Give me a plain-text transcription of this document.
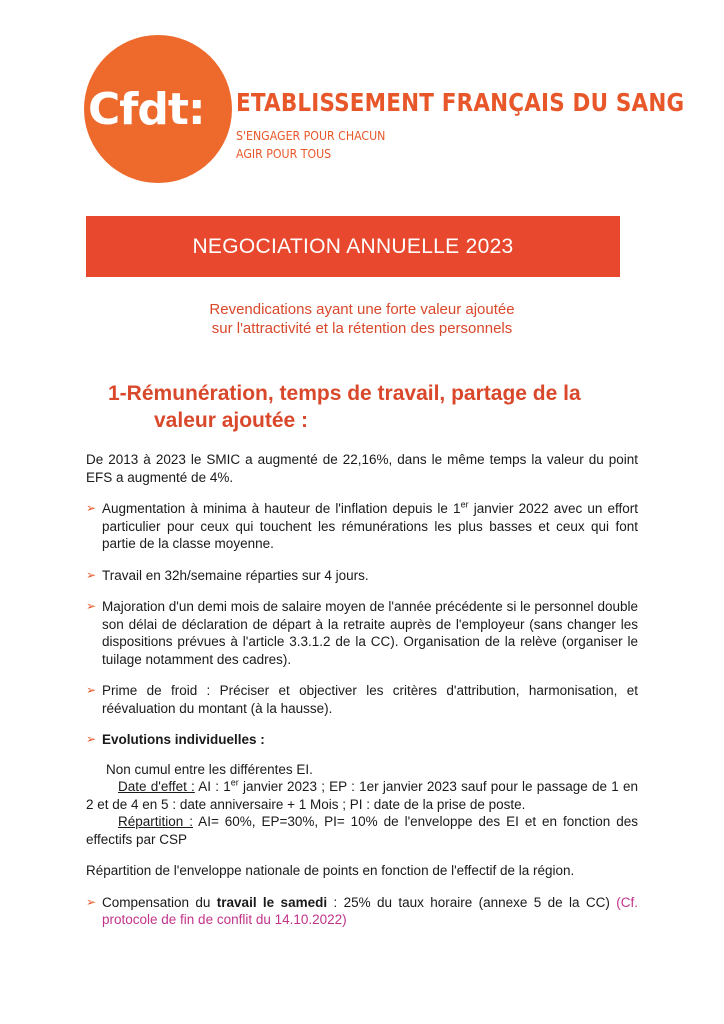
Cfdt: ETABLISSEMENT FRANÇAIS DU SANG
S'ENGAGER POUR CHACUN
AGIR POUR TOUS
NEGOCIATION ANNUELLE 2023
Revendications ayant une forte valeur ajoutée
sur l'attractivité et la rétention des personnels
1-Rémunération, temps de travail, partage de la
valeur ajoutée :

De 2013 à 2023 le SMIC a augmenté de 22,16%, dans le même temps la valeur du point EFS a augmenté de 4%.

➢ Augmentation à minima à hauteur de l'inflation depuis le 1er janvier 2022 avec un effort particulier pour ceux qui touchent les rémunérations les plus basses et ceux qui font partie de la classe moyenne.
➢ Travail en 32h/semaine réparties sur 4 jours.
➢ Majoration d'un demi mois de salaire moyen de l'année précédente si le personnel double son délai de déclaration de départ à la retraite auprès de l'employeur (sans changer les dispositions prévues à l'article 3.3.1.2 de la CC). Organisation de la relève (organiser le tuilage notamment des cadres).
➢ Prime de froid : Préciser et objectiver les critères d'attribution, harmonisation, et réévaluation du montant (à la hausse).
➢ Evolutions individuelles :
Non cumul entre les différentes EI.
Date d'effet : AI : 1er janvier 2023 ; EP : 1er janvier 2023 sauf pour le passage de 1 en 2 et de 4 en 5 : date anniversaire + 1 Mois ; PI : date de la prise de poste.
Répartition : AI= 60%, EP=30%, PI= 10% de l'enveloppe des EI et en fonction des effectifs par CSP

Répartition de l'enveloppe nationale de points en fonction de l'effectif de la région.

➢ Compensation du travail le samedi : 25% du taux horaire (annexe 5 de la CC) (Cf. protocole de fin de conflit du 14.10.2022)
